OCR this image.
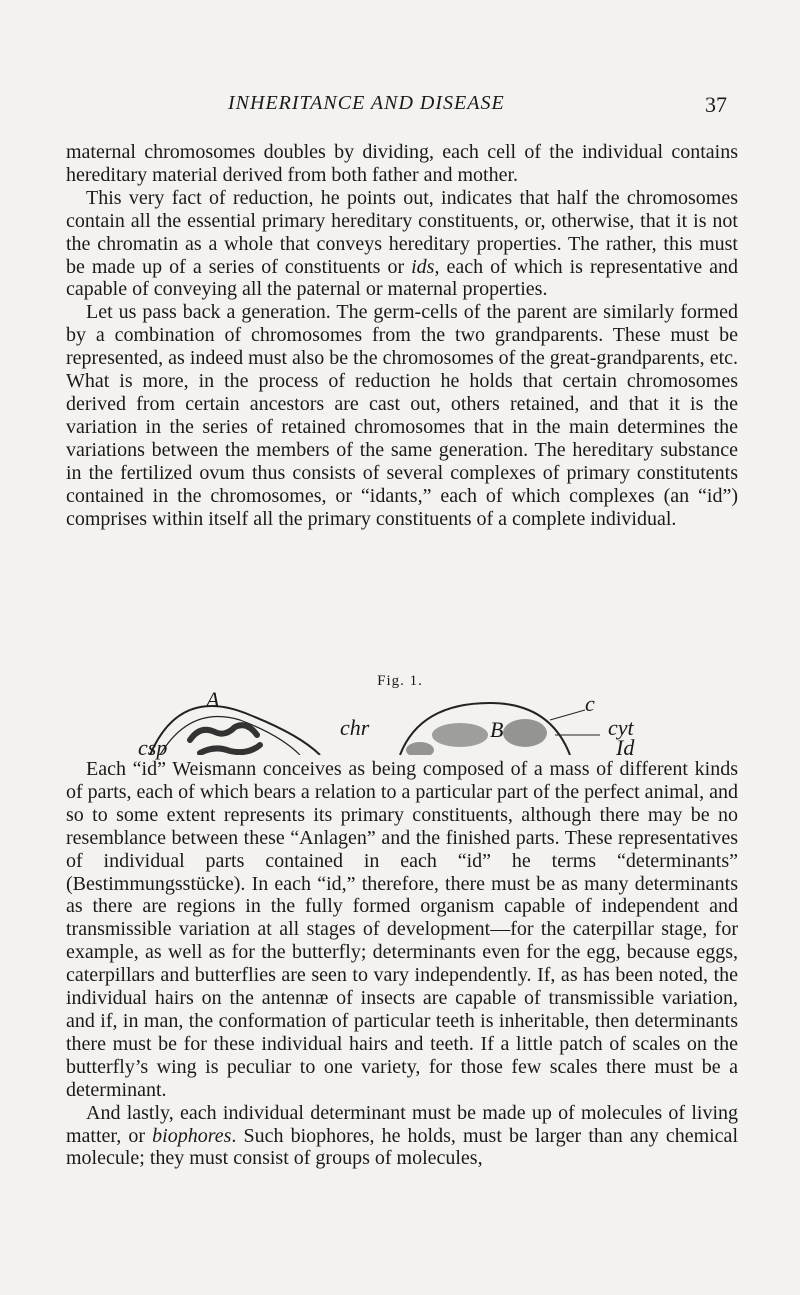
INHERITANCE AND DISEASE	37

maternal chromosomes doubles by dividing, each cell of the individual contains hereditary material derived from both father and mother.

This very fact of reduction, he points out, indicates that half the chromosomes contain all the essential primary hereditary constituents, or, otherwise, that it is not the chromatin as a whole that conveys hereditary properties. The rather, this must be made up of a series of constituents or ids, each of which is representative and capable of conveying all the paternal or maternal properties.

Let us pass back a generation. The germ-cells of the parent are similarly formed by a combination of chromosomes from the two grandparents. These must be represented, as indeed must also be the chromosomes of the great-grandparents, etc. What is more, in the process of reduction he holds that certain chromosomes derived from certain ancestors are cast out, others retained, and that it is the variation in the series of retained chromosomes that in the main determines the variations between the members of the same generation. The hereditary substance in the fertilized ovum thus consists of several complexes of primary constitutents contained in the chromosomes, or “idants,” each of which complexes (an “id”) comprises within itself all the primary constituents of a complete individual.

Fig. 1.
A
chr	B
c
cyt
csp	Id

Each “id” Weismann conceives as being composed of a mass of different kinds of parts, each of which bears a relation to a particular part of the perfect animal, and so to some extent represents its primary constituents, although there may be no resemblance between these “Anlagen” and the finished parts. These representatives of individual parts contained in each “id” he terms “determinants” (Bestimmungsstücke). In each “id,” therefore, there must be as many determinants as there are regions in the fully formed organism capable of independent and transmissible variation at all stages of development—for the caterpillar stage, for example, as well as for the butterfly; determinants even for the egg, because eggs, caterpillars and butterflies are seen to vary independently. If, as has been noted, the individual hairs on the antennæ of insects are capable of transmissible variation, and if, in man, the conformation of particular teeth is inheritable, then determinants there must be for these individual hairs and teeth. If a little patch of scales on the butterfly’s wing is peculiar to one variety, for those few scales there must be a determinant.

And lastly, each individual determinant must be made up of molecules of living matter, or biophores. Such biophores, he holds, must be larger than any chemical molecule; they must consist of groups of molecules,
